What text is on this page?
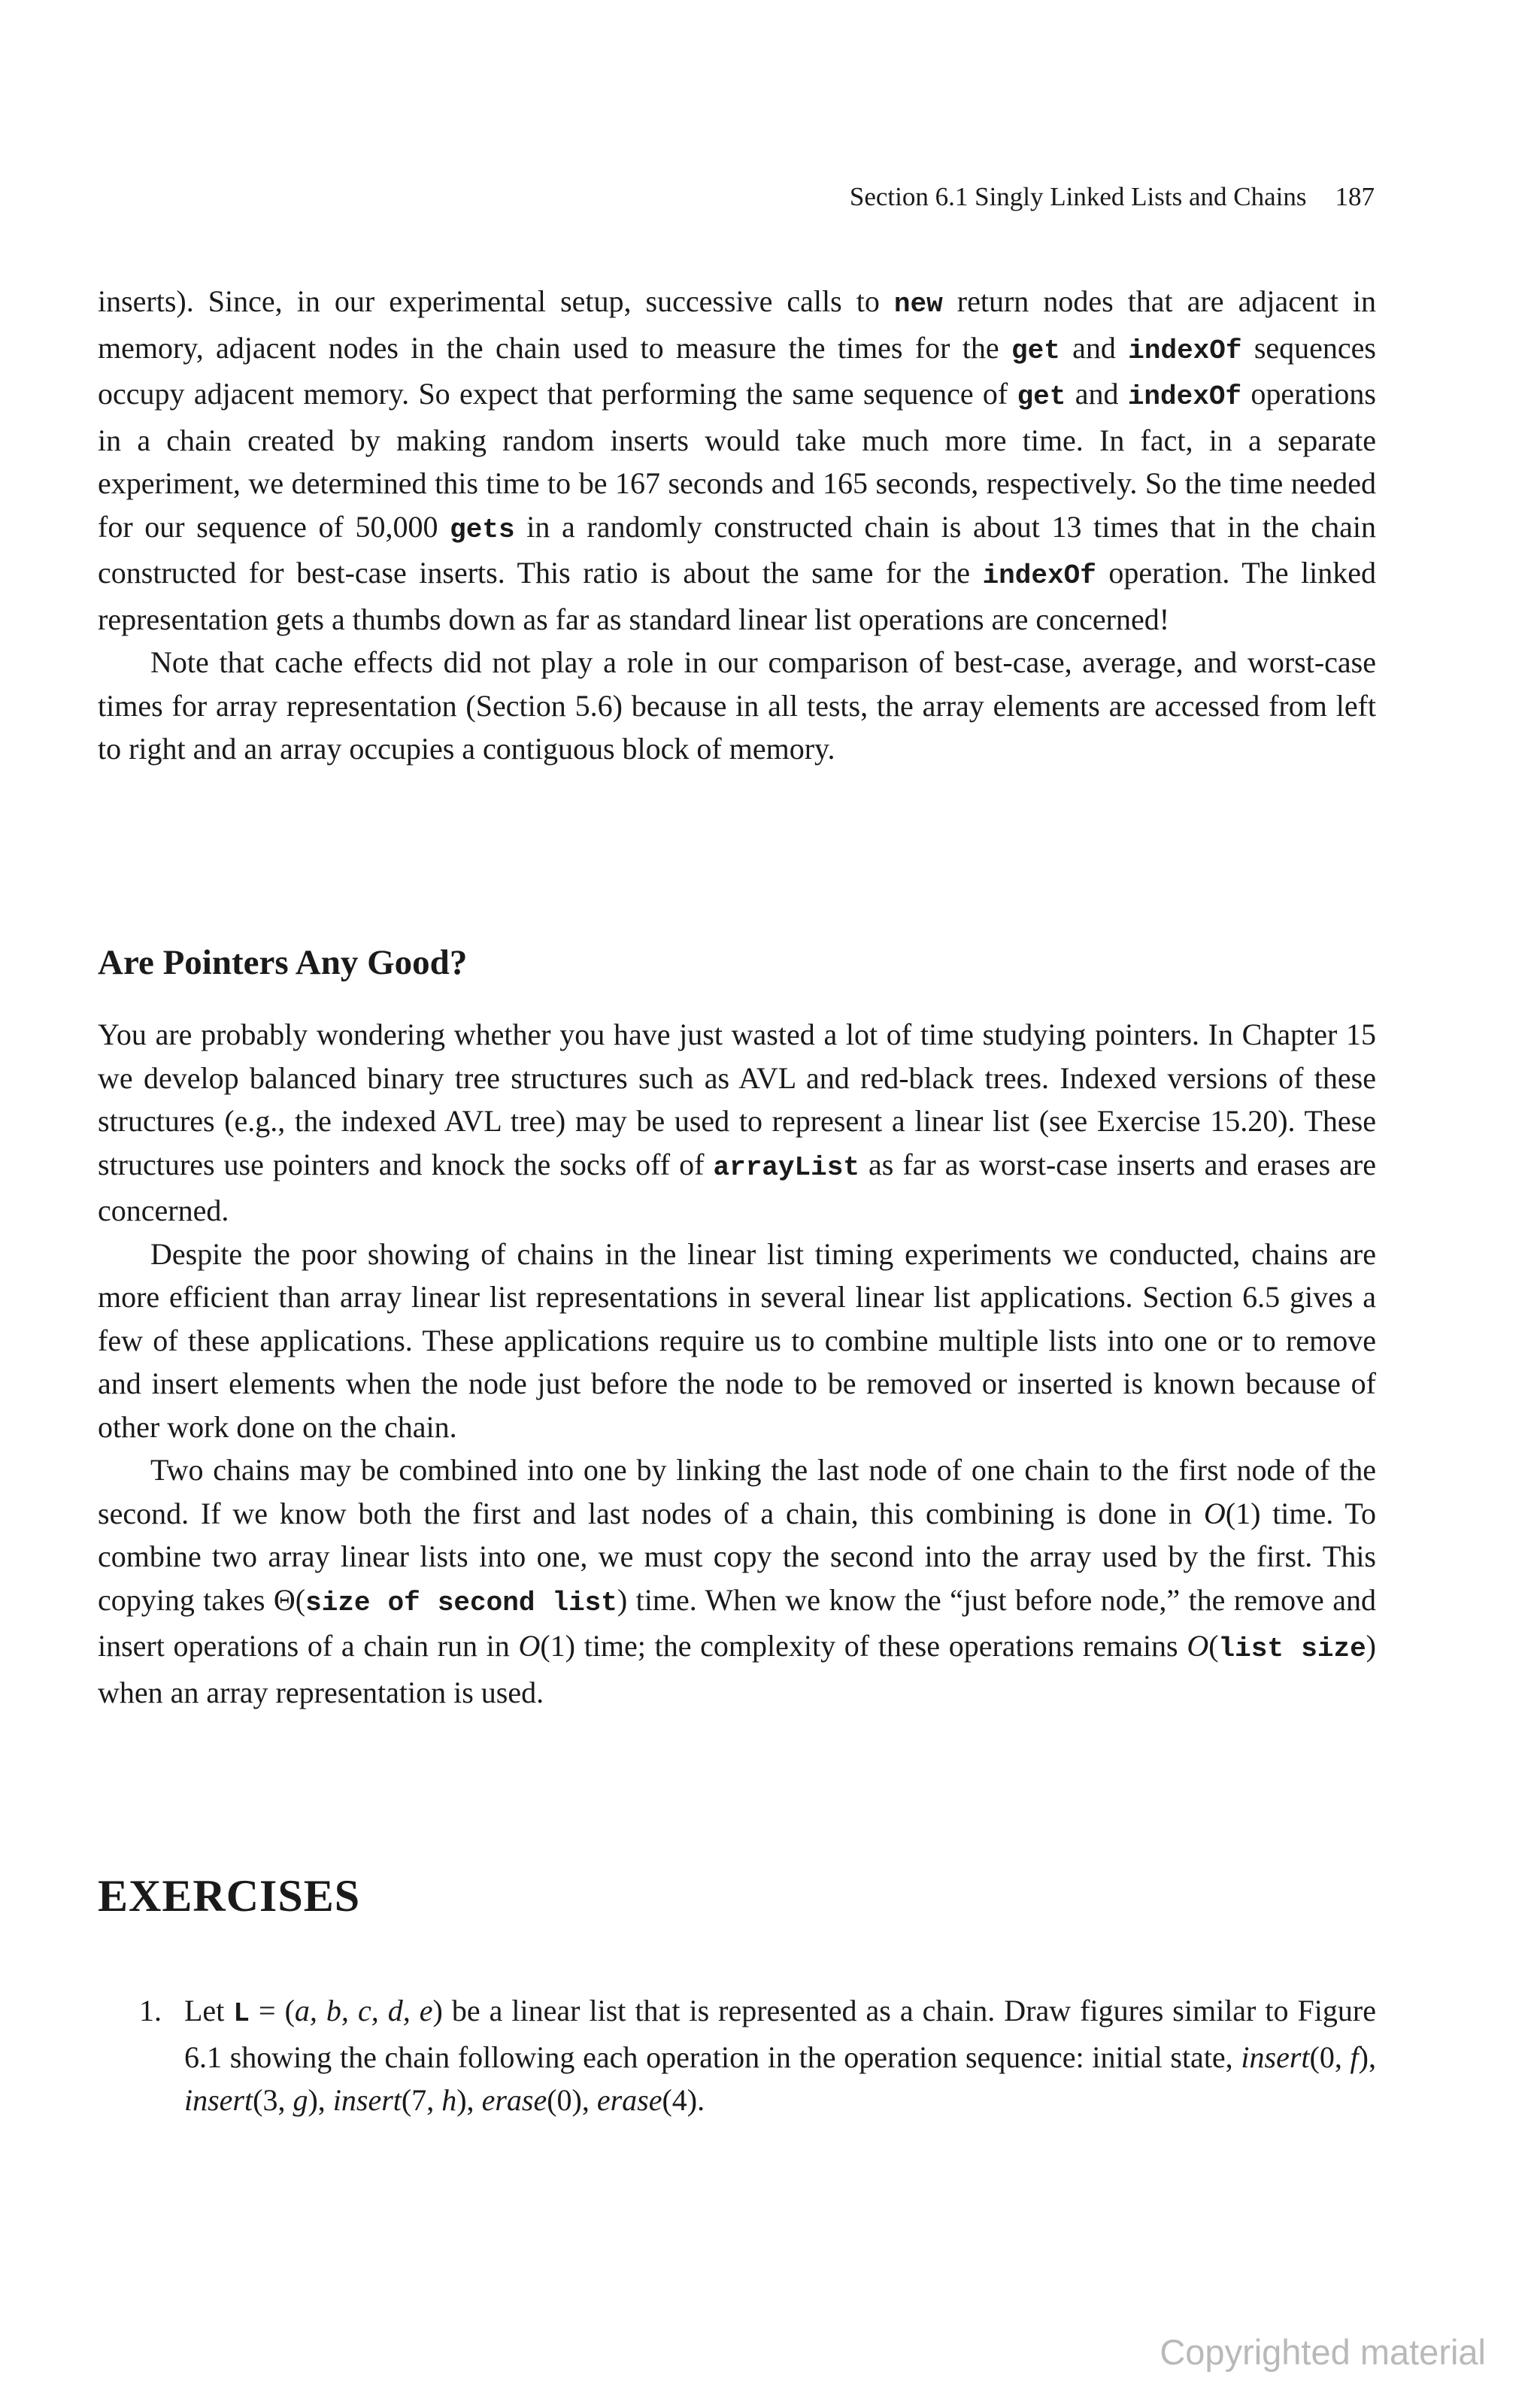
Section 6.1 Singly Linked Lists and Chains 187

inserts). Since, in our experimental setup, successive calls to new return nodes that are adjacent in memory, adjacent nodes in the chain used to measure the times for the get and indexOf sequences occupy adjacent memory. So expect that performing the same sequence of get and indexOf operations in a chain created by making random inserts would take much more time. In fact, in a separate experiment, we determined this time to be 167 seconds and 165 seconds, respectively. So the time needed for our sequence of 50,000 gets in a randomly constructed chain is about 13 times that in the chain constructed for best-case inserts. This ratio is about the same for the indexOf operation. The linked representation gets a thumbs down as far as standard linear list operations are concerned!

Note that cache effects did not play a role in our comparison of best-case, average, and worst-case times for array representation (Section 5.6) because in all tests, the array elements are accessed from left to right and an array occupies a contiguous block of memory.

Are Pointers Any Good?

You are probably wondering whether you have just wasted a lot of time studying pointers. In Chapter 15 we develop balanced binary tree structures such as AVL and red-black trees. Indexed versions of these structures (e.g., the indexed AVL tree) may be used to represent a linear list (see Exercise 15.20). These structures use pointers and knock the socks off of arrayList as far as worst-case inserts and erases are concerned.

Despite the poor showing of chains in the linear list timing experiments we conducted, chains are more efficient than array linear list representations in several linear list applications. Section 6.5 gives a few of these applications. These applications require us to combine multiple lists into one or to remove and insert elements when the node just before the node to be removed or inserted is known because of other work done on the chain.

Two chains may be combined into one by linking the last node of one chain to the first node of the second. If we know both the first and last nodes of a chain, this combining is done in O(1) time. To combine two array linear lists into one, we must copy the second into the array used by the first. This copying takes Θ(size of second list) time. When we know the “just before node,” the remove and insert operations of a chain run in O(1) time; the complexity of these operations remains O(list size) when an array representation is used.

EXERCISES
1. Let L = (a, b, c, d, e) be a linear list that is represented as a chain. Draw figures similar to Figure 6.1 showing the chain following each operation in the operation sequence: initial state, insert(0, f), insert(3, g), insert(7, h), erase(0), erase(4).
Copyrighted material
